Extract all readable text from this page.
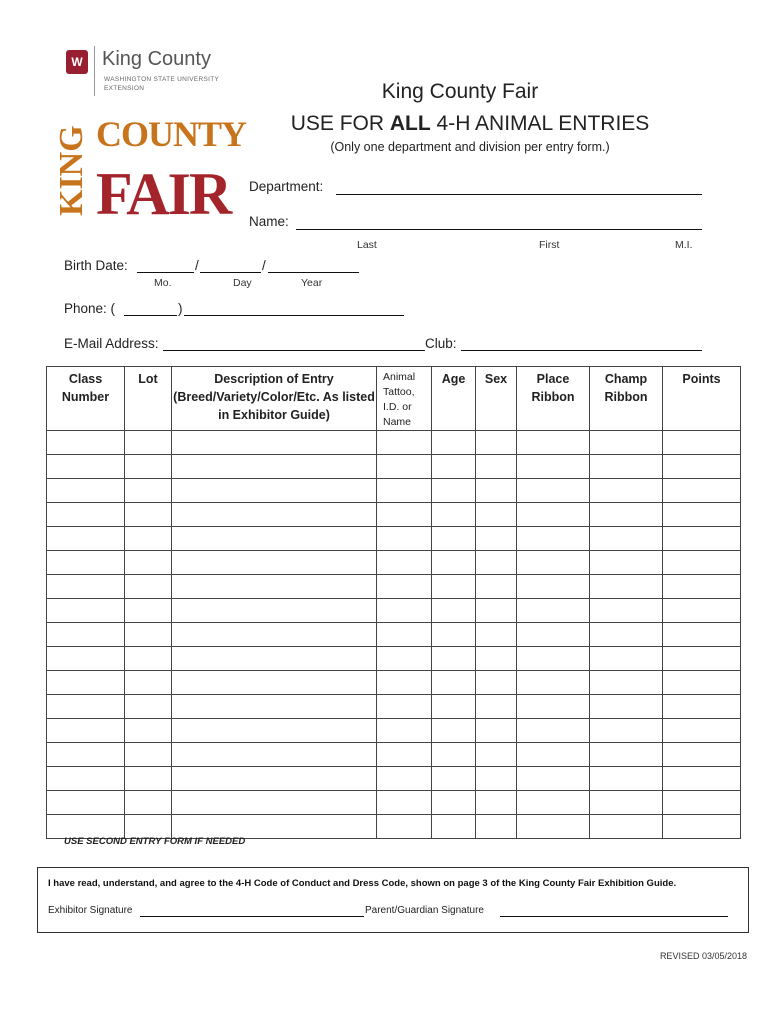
W King County
WASHINGTON STATE UNIVERSITY
EXTENSION
KING COUNTY
FAIR
King County Fair
USE FOR ALL 4-H ANIMAL ENTRIES
(Only one department and division per entry form.)
Department:
Name:
Last	First	M.I.
Birth Date:	/	/
Mo.	Day	Year
Phone: (	)
E-Mail Address:	Club:
Class Number	Lot	Description of Entry (Breed/Variety/Color/Etc. As listed in Exhibitor Guide)	Animal Tattoo, I.D. or Name	Age	Sex	Place Ribbon	Champ Ribbon	Points

USE SECOND ENTRY FORM IF NEEDED
I have read, understand, and agree to the 4-H Code of Conduct and Dress Code, shown on page 3 of the King County Fair Exhibition Guide.
Exhibitor Signature	Parent/Guardian Signature
REVISED 03/05/2018
